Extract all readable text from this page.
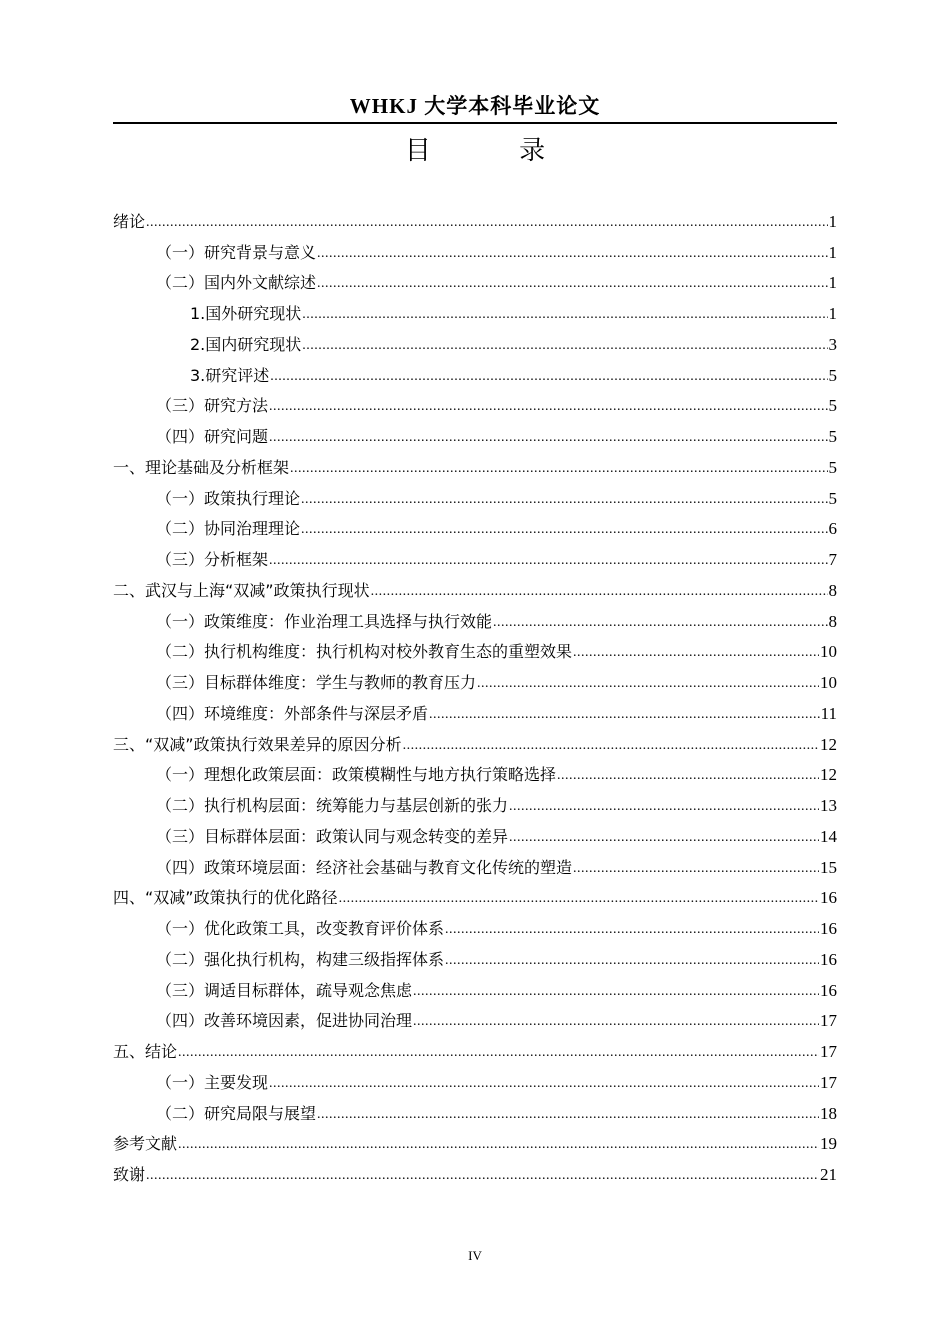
WHKJ 大学本科毕业论文
目 录
绪论 .....	1
（一）研究背景与意义 .....	1
（二）国内外文献综述 .....	1
1.国外研究现状 .....	1
2.国内研究现状 .....	3
3.研究评述 .....	5
（三）研究方法 .....	5
（四）研究问题 .....	5
一、理论基础及分析框架 .....	5
（一）政策执行理论 .....	5
（二）协同治理理论 .....	6
（三）分析框架 .....	7
二、武汉与上海“双减”政策执行现状 .....	8
（一）政策维度：作业治理工具选择与执行效能 .....	8
（二）执行机构维度：执行机构对校外教育生态的重塑效果 .....	10
（三）目标群体维度：学生与教师的教育压力 .....	10
（四）环境维度：外部条件与深层矛盾 .....	11
三、“双减”政策执行效果差异的原因分析 .....	12
（一）理想化政策层面：政策模糊性与地方执行策略选择 .....	12
（二）执行机构层面：统筹能力与基层创新的张力 .....	13
（三）目标群体层面：政策认同与观念转变的差异 .....	14
（四）政策环境层面：经济社会基础与教育文化传统的塑造 .....	15
四、“双减”政策执行的优化路径 .....	16
（一）优化政策工具，改变教育评价体系 .....	16
（二）强化执行机构，构建三级指挥体系 .....	16
（三）调适目标群体，疏导观念焦虑 .....	16
（四）改善环境因素，促进协同治理 .....	17
五、结论 .....	17
（一）主要发现 .....	17
（二）研究局限与展望 .....	18
参考文献 .....	19
致谢 .....	21
IV
